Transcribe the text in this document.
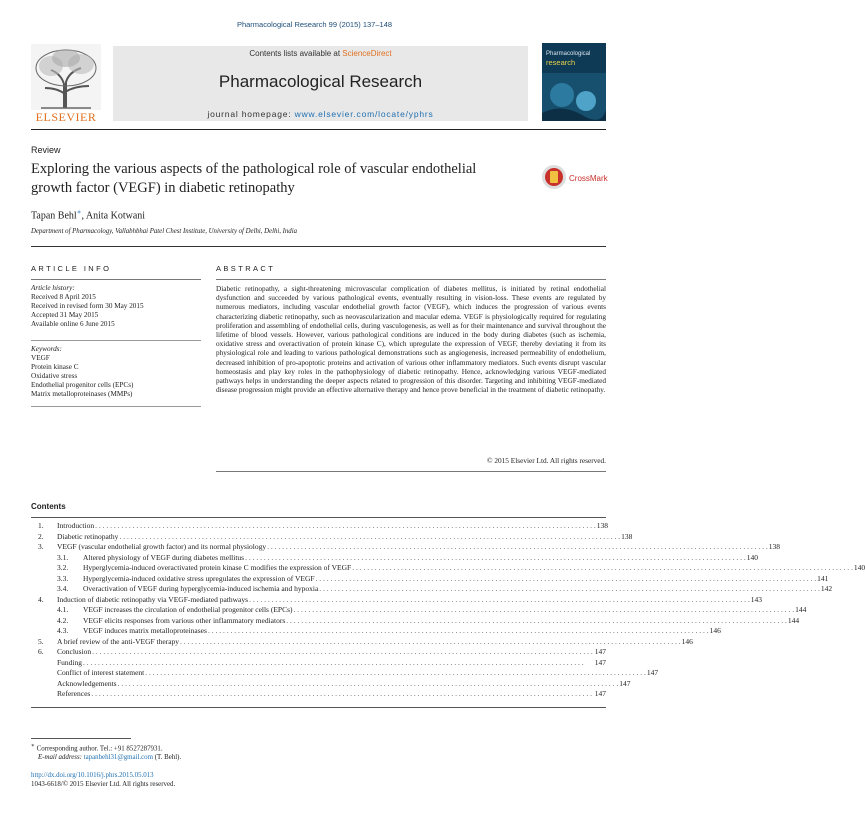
Pharmacological Research 99 (2015) 137–148
ELSEVIER
Contents lists available at ScienceDirect
Pharmacological Research
journal homepage: www.elsevier.com/locate/yphrs
Pharmacological
research
Review
Exploring the various aspects of the pathological role of vascular endothelial growth factor (VEGF) in diabetic retinopathy
CrossMark
Tapan Behl∗, Anita Kotwani
Department of Pharmacology, Vallabhbhai Patel Chest Institute, University of Delhi, Delhi, India
ARTICLE INFO
Article history:
Received 8 April 2015
Received in revised form 30 May 2015
Accepted 31 May 2015
Available online 6 June 2015
Keywords:
VEGF
Protein kinase C
Oxidative stress
Endothelial progenitor cells (EPCs)
Matrix metalloproteinases (MMPs)
ABSTRACT
Diabetic retinopathy, a sight-threatening microvascular complication of diabetes mellitus, is initiated by retinal endothelial dysfunction and succeeded by various pathological events, eventually resulting in vision-loss. These events are regulated by numerous mediators, including vascular endothelial growth factor (VEGF), which induces the progression of various events characterizing diabetic retinopathy, such as neovascularization and macular edema. VEGF is physiologically required for regulating proliferation and assembling of endothelial cells, during vasculogenesis, as well as for their maintenance and survival throughout the lifetime of blood vessels. However, various pathological conditions are induced in the body during diabetes (such as ischemia, oxidative stress and overactivation of protein kinase C), which upregulate the expression of VEGF, thereby deviating it from its physiological role and leading to various pathological demonstrations such as angiogenesis, increased permeability of endothelium, decreased inhibition of pro-apoptotic proteins and activation of various other inflammatory mediators. Such events disrupt vascular homeostasis and play key roles in the pathophysiology of diabetic retinopathy. Hence, acknowledging various VEGF-mediated pathways helps in understanding the deeper aspects related to progression of this disorder. Targeting and inhibiting VEGF-mediated disease progression might provide an effective alternative therapy and hence prove beneficial in the treatment of diabetic retinopathy.
© 2015 Elsevier Ltd. All rights reserved.
Contents
1.	Introduction . . . . . . . . . . . . . . . . . . . . . . . . . . . . . . . . . . . . . . . . . . . . . . . . . . . . . . . . . . . . . . . . . . . . . . . . . . . . . . . . . . . . . . . . . . . . . . . . . . . . . . . . . . . . . . . . . . . . . . . . . . . . . . . . . . . . . . 138
2.	Diabetic retinopathy . . . . . . . . . . . . . . . . . . . . . . . . . . . . . . . . . . . . . . . . . . . . . . . . . . . . . . . . . . . . . . . . . . . . . . . . . . . . . . . . . . . . . . . . . . . . . . . . . . . . . . . . . . . . . . . . . . . . . . . . . . . . . . . . . . . . . . 138
3.	VEGF (vascular endothelial growth factor) and its normal physiology . . . . . . . . . . . . . . . . . . . . . . . . . . . . . . . . . . . . . . . . . . . . . . . . . . . . . . . . . . . . . . . . . . . . . . . . . . . . . . . . . . . . . . . . . . . . . . . . . . . . . . . . . . . . . . . . . . . . . . . . . . . . . . . . . . . . . . 138
3.1.	Altered physiology of VEGF during diabetes mellitus . . . . . . . . . . . . . . . . . . . . . . . . . . . . . . . . . . . . . . . . . . . . . . . . . . . . . . . . . . . . . . . . . . . . . . . . . . . . . . . . . . . . . . . . . . . . . . . . . . . . . . . . . . . . . . . . . . . . . . . . . . . . . . . . . . . . . . 140
3.2.	Hyperglycemia-induced overactivated protein kinase C modifies the expression of VEGF . . . . . . . . . . . . . . . . . . . . . . . . . . . . . . . . . . . . . . . . . . . . . . . . . . . . . . . . . . . . . . . . . . . . . . . . . . . . . . . . . . . . . . . . . . . . . . . . . . . . . . . . . . . . . . . . . . . . . . . . . . . . . . . . . . . . . . 140
3.3.	Hyperglycemia-induced oxidative stress upregulates the expression of VEGF . . . . . . . . . . . . . . . . . . . . . . . . . . . . . . . . . . . . . . . . . . . . . . . . . . . . . . . . . . . . . . . . . . . . . . . . . . . . . . . . . . . . . . . . . . . . . . . . . . . . . . . . . . . . . . . . . . . . . . . . . . . . . . . . . . . . . . 141
3.4.	Overactivation of VEGF during hyperglycemia-induced ischemia and hypoxia . . . . . . . . . . . . . . . . . . . . . . . . . . . . . . . . . . . . . . . . . . . . . . . . . . . . . . . . . . . . . . . . . . . . . . . . . . . . . . . . . . . . . . . . . . . . . . . . . . . . . . . . . . . . . . . . . . . . . . . . . . . . . . . . . . . . . . 142
4.	Induction of diabetic retinopathy via VEGF-mediated pathways . . . . . . . . . . . . . . . . . . . . . . . . . . . . . . . . . . . . . . . . . . . . . . . . . . . . . . . . . . . . . . . . . . . . . . . . . . . . . . . . . . . . . . . . . . . . . . . . . . . . . . . . . . . . . . . . . . . . . . . . . . . . . . . . . . . . . . 143
4.1.	VEGF increases the circulation of endothelial progenitor cells (EPCs) . . . . . . . . . . . . . . . . . . . . . . . . . . . . . . . . . . . . . . . . . . . . . . . . . . . . . . . . . . . . . . . . . . . . . . . . . . . . . . . . . . . . . . . . . . . . . . . . . . . . . . . . . . . . . . . . . . . . . . . . . . . . . . . . . . . . . . 144
4.2.	VEGF elicits responses from various other inflammatory mediators . . . . . . . . . . . . . . . . . . . . . . . . . . . . . . . . . . . . . . . . . . . . . . . . . . . . . . . . . . . . . . . . . . . . . . . . . . . . . . . . . . . . . . . . . . . . . . . . . . . . . . . . . . . . . . . . . . . . . . . . . . . . . . . . . . . . . . 144
4.3.	VEGF induces matrix metalloproteinases . . . . . . . . . . . . . . . . . . . . . . . . . . . . . . . . . . . . . . . . . . . . . . . . . . . . . . . . . . . . . . . . . . . . . . . . . . . . . . . . . . . . . . . . . . . . . . . . . . . . . . . . . . . . . . . . . . . . . . . . . . . . . . . . . . . . . . 146
5.	A brief review of the anti-VEGF therapy . . . . . . . . . . . . . . . . . . . . . . . . . . . . . . . . . . . . . . . . . . . . . . . . . . . . . . . . . . . . . . . . . . . . . . . . . . . . . . . . . . . . . . . . . . . . . . . . . . . . . . . . . . . . . . . . . . . . . . . . . . . . . . . . . . . . . . 146
6.	Conclusion . . . . . . . . . . . . . . . . . . . . . . . . . . . . . . . . . . . . . . . . . . . . . . . . . . . . . . . . . . . . . . . . . . . . . . . . . . . . . . . . . . . . . . . . . . . . . . . . . . . . . . . . . . . . . . . . . . . . . . . . . . . . . . . . . . . . . . 147
Funding . . . . . . . . . . . . . . . . . . . . . . . . . . . . . . . . . . . . . . . . . . . . . . . . . . . . . . . . . . . . . . . . . . . . . . . . . . . . . . . . . . . . . . . . . . . . . . . . . . . . . . . . . . . . . . . . . . . . . . . . . . . . . . . . . . . . . .	147
Conflict of interest statement . . . . . . . . . . . . . . . . . . . . . . . . . . . . . . . . . . . . . . . . . . . . . . . . . . . . . . . . . . . . . . . . . . . . . . . . . . . . . . . . . . . . . . . . . . . . . . . . . . . . . . . . . . . . . . . . . . . . . . . . . . . . . . . . . . . . . . 147
Acknowledgements . . . . . . . . . . . . . . . . . . . . . . . . . . . . . . . . . . . . . . . . . . . . . . . . . . . . . . . . . . . . . . . . . . . . . . . . . . . . . . . . . . . . . . . . . . . . . . . . . . . . . . . . . . . . . . . . . . . . . . . . . . . . . . . . . . . . . . 147
References . . . . . . . . . . . . . . . . . . . . . . . . . . . . . . . . . . . . . . . . . . . . . . . . . . . . . . . . . . . . . . . . . . . . . . . . . . . . . . . . . . . . . . . . . . . . . . . . . . . . . . . . . . . . . . . . . . . . . . . . . . . . . . . . . . . . . . 147
∗ Corresponding author. Tel.: +91 8527287931.
E-mail address: tapanbehl31@gmail.com (T. Behl).
http://dx.doi.org/10.1016/j.phrs.2015.05.013
1043-6618/© 2015 Elsevier Ltd. All rights reserved.
